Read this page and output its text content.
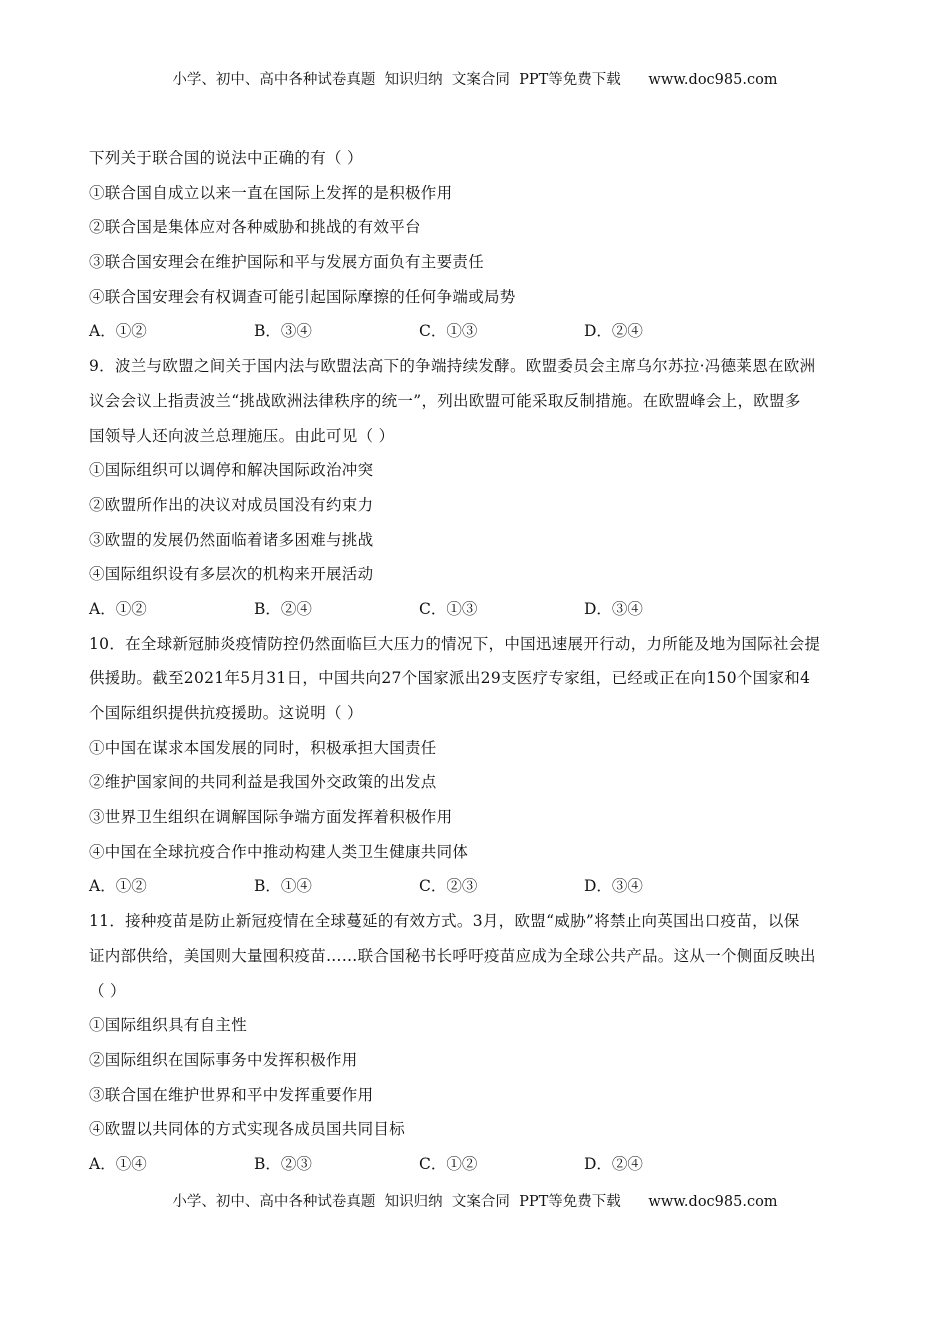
小学、初中、高中各种试卷真题  知识归纳  文案合同  PPT等免费下载      www.doc985.com
下列关于联合国的说法中正确的有（ ）
①联合国自成立以来一直在国际上发挥的是积极作用
②联合国是集体应对各种威胁和挑战的有效平台
③联合国安理会在维护国际和平与发展方面负有主要责任
④联合国安理会有权调查可能引起国际摩擦的任何争端或局势
A．①②	B．③④	C．①③	D．②④
9．波兰与欧盟之间关于国内法与欧盟法高下的争端持续发酵。欧盟委员会主席乌尔苏拉·冯德莱恩在欧洲
议会会议上指责波兰“挑战欧洲法律秩序的统一”，列出欧盟可能采取反制措施。在欧盟峰会上，欧盟多
国领导人还向波兰总理施压。由此可见（ ）
①国际组织可以调停和解决国际政治冲突
②欧盟所作出的决议对成员国没有约束力
③欧盟的发展仍然面临着诸多困难与挑战
④国际组织设有多层次的机构来开展活动
A．①②	B．②④	C．①③	D．③④
10．在全球新冠肺炎疫情防控仍然面临巨大压力的情况下，中国迅速展开行动，力所能及地为国际社会提
供援助。截至2021年5月31日，中国共向27个国家派出29支医疗专家组，已经或正在向150个国家和4
个国际组织提供抗疫援助。这说明（ ）
①中国在谋求本国发展的同时，积极承担大国责任
②维护国家间的共同利益是我国外交政策的出发点
③世界卫生组织在调解国际争端方面发挥着积极作用
④中国在全球抗疫合作中推动构建人类卫生健康共同体
A．①②	B．①④	C．②③	D．③④
11．接种疫苗是防止新冠疫情在全球蔓延的有效方式。3月，欧盟“威胁”将禁止向英国出口疫苗，以保
证内部供给，美国则大量囤积疫苗……联合国秘书长呼吁疫苗应成为全球公共产品。这从一个侧面反映出
（ ）
①国际组织具有自主性
②国际组织在国际事务中发挥积极作用
③联合国在维护世界和平中发挥重要作用
④欧盟以共同体的方式实现各成员国共同目标
A．①④	B．②③	C．①②	D．②④
小学、初中、高中各种试卷真题  知识归纳  文案合同  PPT等免费下载      www.doc985.com
